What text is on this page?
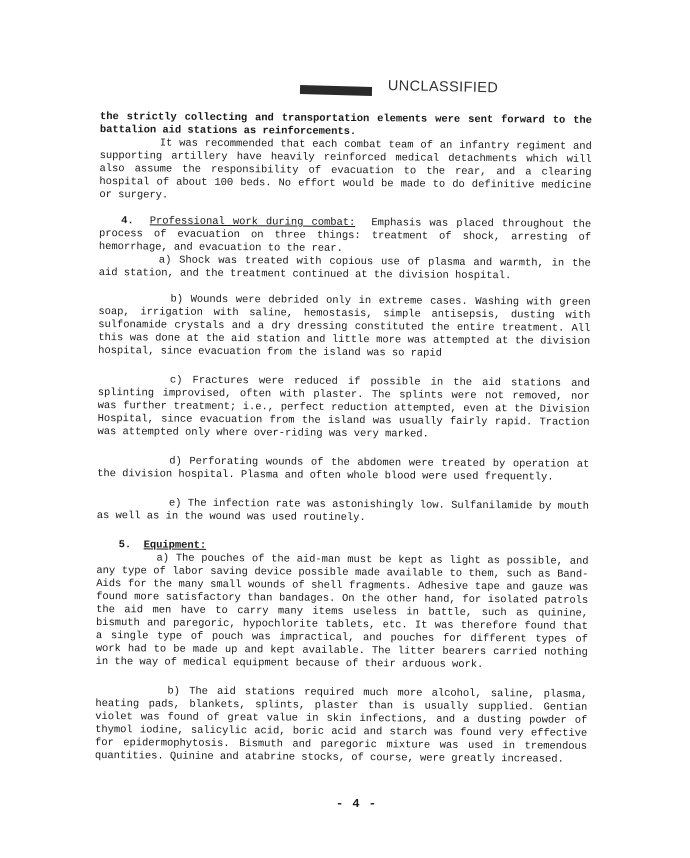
UNCLASSIFIED

the strictly collecting and transportation elements were sent forward to the battalion aid stations as reinforcements.

It was recommended that each combat team of an infantry regiment and supporting artillery have heavily reinforced medical detachments which will also assume the responsibility of evacuation to the rear, and a clearing hospital of about 100 beds. No effort would be made to do definitive medicine or surgery.

4. Professional work during combat: Emphasis was placed throughout the process of evacuation on three things: treatment of shock, arresting of hemorrhage, and evacuation to the rear.

a) Shock was treated with copious use of plasma and warmth, in the aid station, and the treatment continued at the division hospital.

b) Wounds were debrided only in extreme cases. Washing with green soap, irrigation with saline, hemostasis, simple antisepsis, dusting with sulfonamide crystals and a dry dressing constituted the entire treatment. All this was done at the aid station and little more was attempted at the division hospital, since evacuation from the island was so rapid

c) Fractures were reduced if possible in the aid stations and splinting improvised, often with plaster. The splints were not removed, nor was further treatment; i.e., perfect reduction attempted, even at the Division Hospital, since evacuation from the island was usually fairly rapid. Traction was attempted only where over-riding was very marked.

d) Perforating wounds of the abdomen were treated by operation at the division hospital. Plasma and often whole blood were used frequently.

e) The infection rate was astonishingly low. Sulfanilamide by mouth as well as in the wound was used routinely.

5. Equipment:

a) The pouches of the aid-man must be kept as light as possible, and any type of labor saving device possible made available to them, such as Band-Aids for the many small wounds of shell fragments. Adhesive tape and gauze was found more satisfactory than bandages. On the other hand, for isolated patrols the aid men have to carry many items useless in battle, such as quinine, bismuth and paregoric, hypochlorite tablets, etc. It was therefore found that a single type of pouch was impractical, and pouches for different types of work had to be made up and kept available. The litter bearers carried nothing in the way of medical equipment because of their arduous work.

b) The aid stations required much more alcohol, saline, plasma, heating pads, blankets, splints, plaster than is usually supplied. Gentian violet was found of great value in skin infections, and a dusting powder of thymol iodine, salicylic acid, boric acid and starch was found very effective for epidermophytosis. Bismuth and paregoric mixture was used in tremendous quantities. Quinine and atabrine stocks, of course, were greatly increased.

- 4 -
